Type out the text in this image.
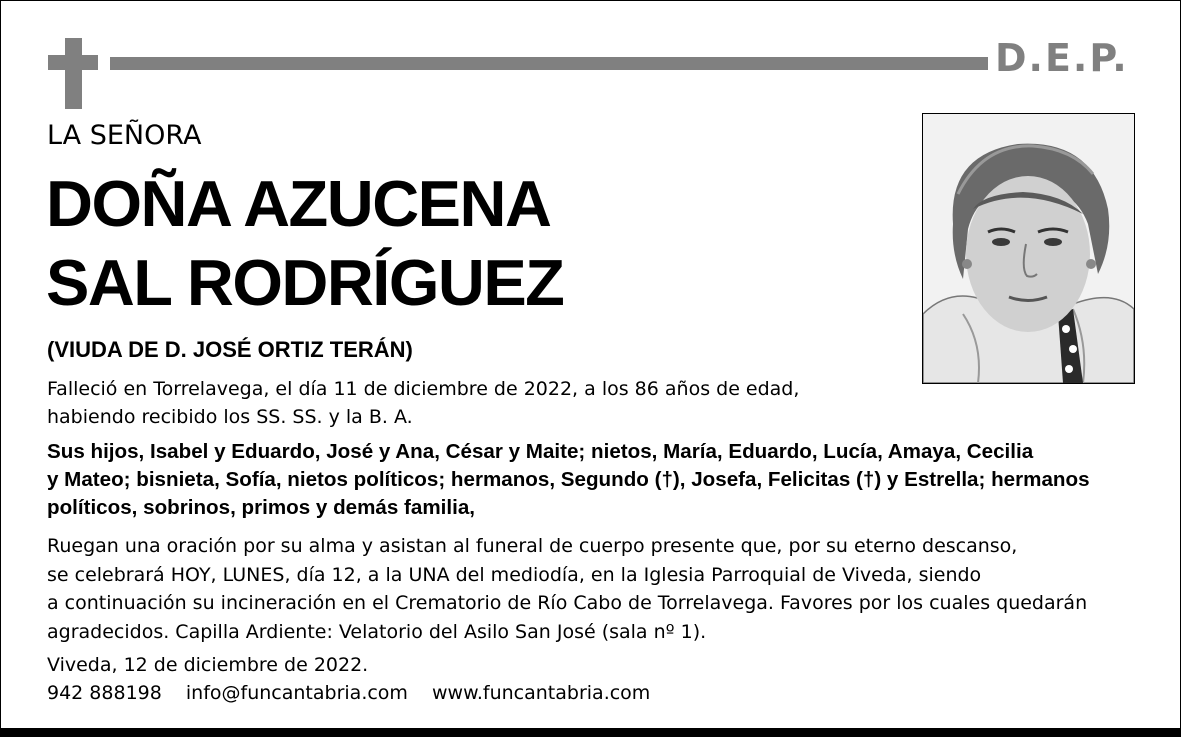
D.E.P.
LA SEÑORA
DOÑA AZUCENA
SAL RODRÍGUEZ
(VIUDA DE D. JOSÉ ORTIZ TERÁN)
Falleció en Torrelavega, el día 11 de diciembre de 2022, a los 86 años de edad,
habiendo recibido los SS. SS. y la B. A.
Sus hijos, Isabel y Eduardo, José y Ana, César y Maite; nietos, María, Eduardo, Lucía, Amaya, Cecilia
y Mateo; bisnieta, Sofía, nietos políticos; hermanos, Segundo (†), Josefa, Felicitas (†) y Estrella; hermanos
políticos, sobrinos, primos y demás familia,
Ruegan una oración por su alma y asistan al funeral de cuerpo presente que, por su eterno descanso,
se celebrará HOY, LUNES, día 12, a la UNA del mediodía, en la Iglesia Parroquial de Viveda, siendo
a continuación su incineración en el Crematorio de Río Cabo de Torrelavega. Favores por los cuales quedarán
agradecidos. Capilla Ardiente: Velatorio del Asilo San José (sala nº 1).
Viveda, 12 de diciembre de 2022.
942 888198 info@funcantabria.com www.funcantabria.com
